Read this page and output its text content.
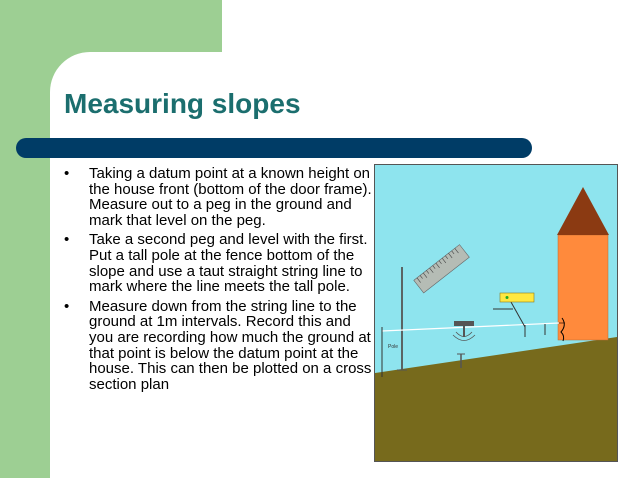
Measuring slopes
• Taking a datum point at a known height on the house front (bottom of the door frame). Measure out to a peg in the ground and mark that level on the peg.
• Take a second peg and level with the first. Put a tall pole at the fence bottom of the slope and use a taut straight string line to mark where the line meets the tall pole.
• Measure down from the string line to the ground at 1m intervals. Record this and you are recording how much the ground at that point is below the datum point at the house. This can then be plotted on a cross section plan
Pole
